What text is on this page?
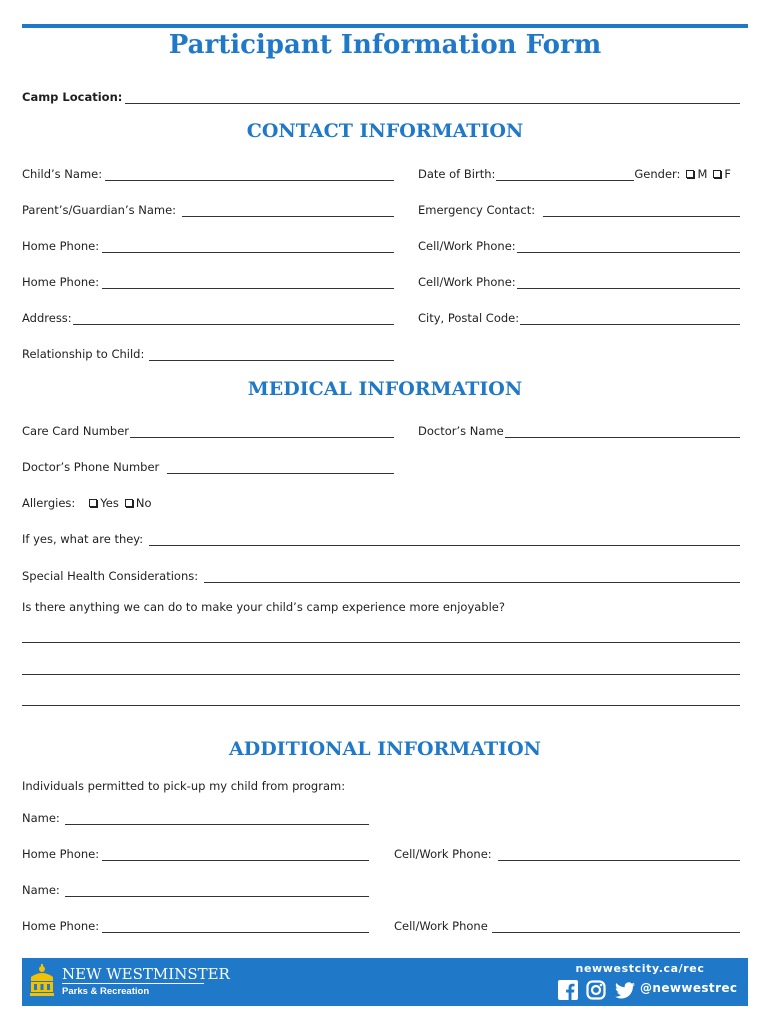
Participant Information Form
Camp Location:
CONTACT INFORMATION
Child’s Name:	Date of Birth:	Gender: M F
Parent’s/Guardian’s Name:	Emergency Contact:
Home Phone:	Cell/Work Phone:
Home Phone:	Cell/Work Phone:
Address:	City, Postal Code:
Relationship to Child:
MEDICAL INFORMATION
Care Card Number	Doctor’s Name
Doctor’s Phone Number
Allergies: Yes No
If yes, what are they:
Special Health Considerations:
Is there anything we can do to make your child’s camp experience more enjoyable?
ADDITIONAL INFORMATION
Individuals permitted to pick-up my child from program:
Name:
Home Phone:	Cell/Work Phone:
Name:
Home Phone:	Cell/Work Phone
NEW WESTMINSTER
Parks & Recreation
newwestcity.ca/rec
@newwestrec
